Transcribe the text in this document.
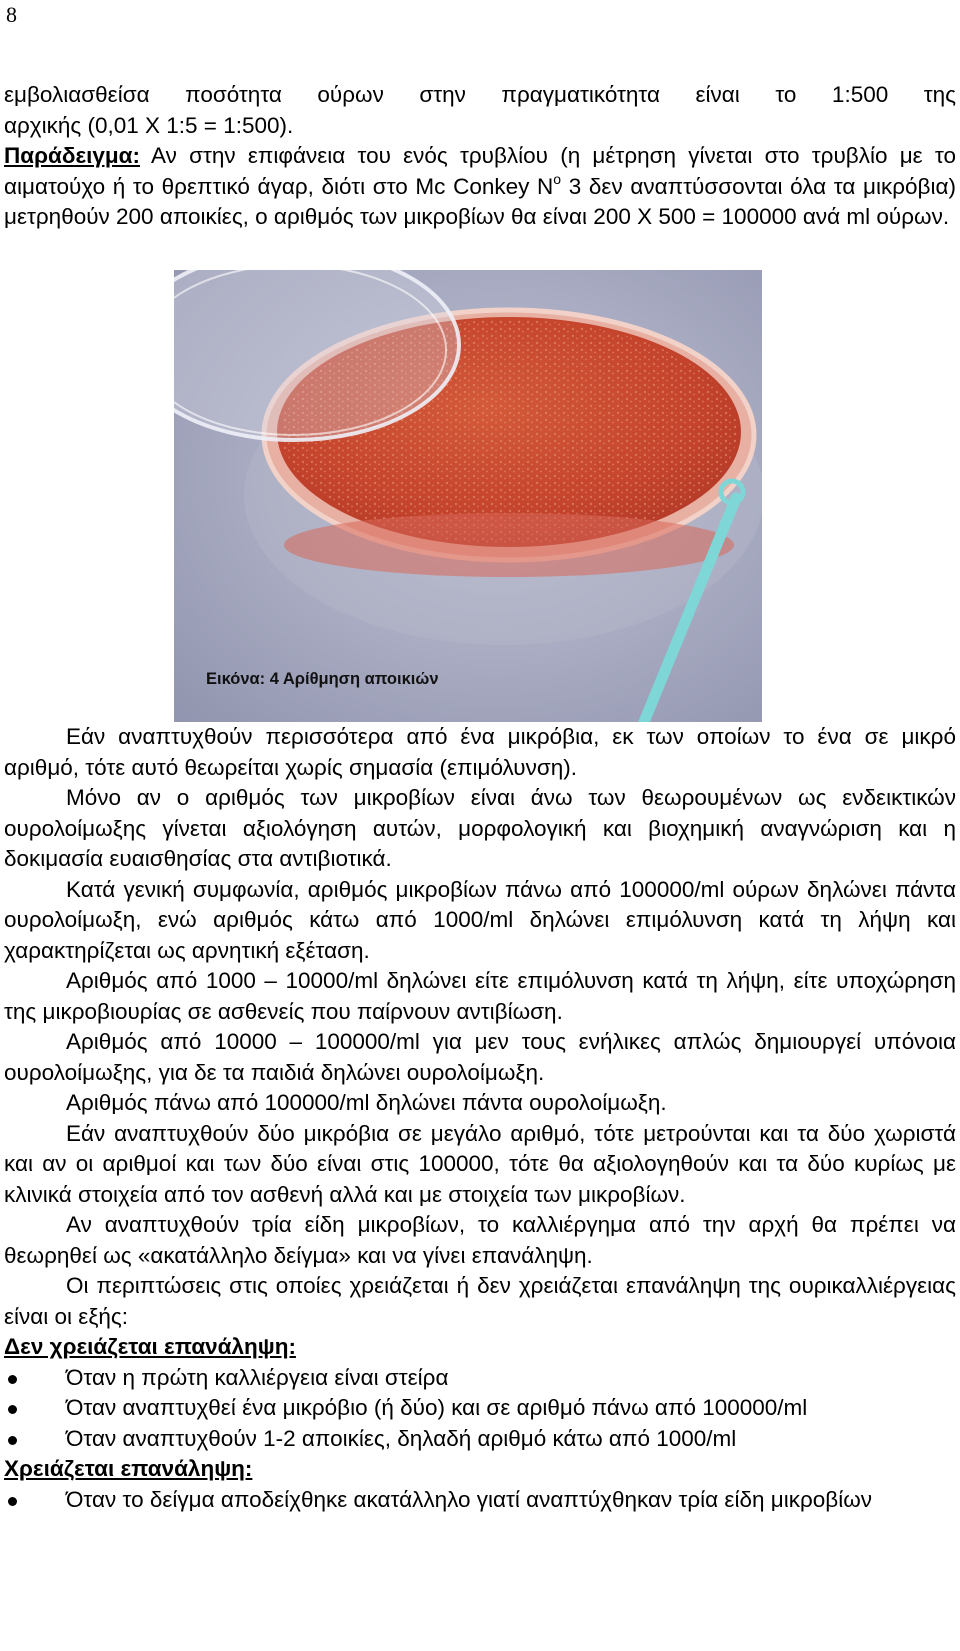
8
εμβολιασθείσα ποσότητα ούρων στην πραγματικότητα είναι το 1:500 της
αρχικής (0,01 Χ 1:5 = 1:500).
Παράδειγμα: Αν στην επιφάνεια του ενός τρυβλίου (η μέτρηση γίνεται στο τρυβλίο με το αιματούχο ή το θρεπτικό άγαρ, διότι στο Mc Conkey $N^o$ 3 δεν αναπτύσσονται όλα τα μικρόβια) μετρηθούν 200 αποικίες, ο αριθμός των μικροβίων θα είναι 200 Χ 500 = 100000 ανά ml ούρων.
Εικόνα: 4 Αρίθμηση αποικιών
Εάν αναπτυχθούν περισσότερα από ένα μικρόβια, εκ των οποίων το ένα σε μικρό αριθμό, τότε αυτό θεωρείται χωρίς σημασία (επιμόλυνση).
Μόνο αν ο αριθμός των μικροβίων είναι άνω των θεωρουμένων ως ενδεικτικών ουρολοίμωξης γίνεται αξιολόγηση αυτών, μορφολογική και βιοχημική αναγνώριση και η δοκιμασία ευαισθησίας στα αντιβιοτικά.
Κατά γενική συμφωνία, αριθμός μικροβίων πάνω από 100000/ml ούρων δηλώνει πάντα ουρολοίμωξη, ενώ αριθμός κάτω από 1000/ml δηλώνει επιμόλυνση κατά τη λήψη και χαρακτηρίζεται ως αρνητική εξέταση.
Αριθμός από 1000 – 10000/ml δηλώνει είτε επιμόλυνση κατά τη λήψη, είτε υποχώρηση της μικροβιουρίας σε ασθενείς που παίρνουν αντιβίωση.
Αριθμός από 10000 – 100000/ml για μεν τους ενήλικες απλώς δημιουργεί υπόνοια ουρολοίμωξης, για δε τα παιδιά δηλώνει ουρολοίμωξη.
Αριθμός πάνω από 100000/ml δηλώνει πάντα ουρολοίμωξη.
Εάν αναπτυχθούν δύο μικρόβια σε μεγάλο αριθμό, τότε μετρούνται και τα δύο χωριστά και αν οι αριθμοί και των δύο είναι στις 100000, τότε θα αξιολογηθούν και τα δύο κυρίως με κλινικά στοιχεία από τον ασθενή αλλά και με στοιχεία των μικροβίων.
Αν αναπτυχθούν τρία είδη μικροβίων, το καλλιέργημα από την αρχή θα πρέπει να θεωρηθεί ως «ακατάλληλο δείγμα» και να γίνει επανάληψη.
Οι περιπτώσεις στις οποίες χρειάζεται ή δεν χρειάζεται επανάληψη της ουρικαλλιέργειας είναι οι εξής:
Δεν χρειάζεται επανάληψη:
Όταν η πρώτη καλλιέργεια είναι στείρα
Όταν αναπτυχθεί ένα μικρόβιο (ή δύο) και σε αριθμό πάνω από 100000/ml
Όταν αναπτυχθούν 1-2 αποικίες, δηλαδή αριθμό κάτω από 1000/ml
Χρειάζεται επανάληψη:
Όταν το δείγμα αποδείχθηκε ακατάλληλο γιατί αναπτύχθηκαν τρία είδη μικροβίων
